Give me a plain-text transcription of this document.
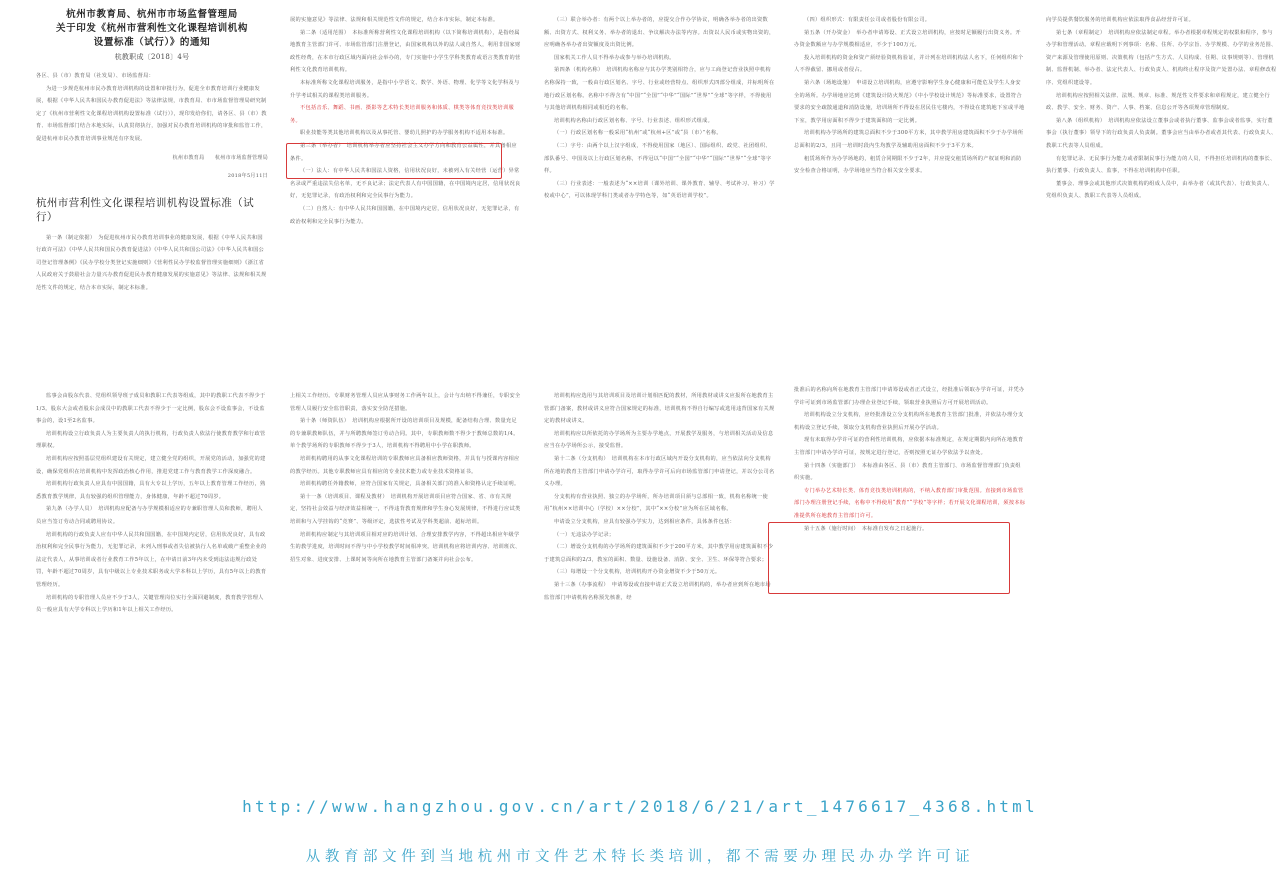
杭州市教育局、杭州市市场监督管理局
关于印发《杭州市营利性文化课程培训机构
设置标准（试行）》的通知
杭教职成〔2018〕4号

各区、县（市）教育局（社发局）、市场监督局：

为进一步规范杭州市民办教育培训机构的设置和审批行为，促进全市教育培训行业健康发展，根据《中华人民共和国民办教育促进法》等法律法规，市教育局、市市场监督管理局研究制定了《杭州市营利性文化课程培训机构设置标准（试行）》，现印发给你们，请各区、县（市）教育、市场监督部门结合本地实际，认真贯彻执行，加强对民办教育培训机构的审批和监管工作，促进杭州市民办教育培训事业规范有序发展。

杭州市教育局　　杭州市市场监督管理局
2018年5月11日
杭州市营利性文化课程培训机构设置标准（试行）

第一条（制定依据）　为促进杭州市民办教育培训事业的健康发展，根据《中华人民共和国行政许可法》《中华人民共和国民办教育促进法》《中华人民共和国公司法》《中华人民共和国公司登记管理条例》《民办学校分类登记实施细则》《营利性民办学校监督管理实施细则》《浙江省人民政府关于鼓励社会力量兴办教育促进民办教育健康发展的实施意见》等法律、法规和相关规范性文件的规定，结合本市实际，制定本标准。

展的实施意见》等法律、法规和相关规范性文件的规定，结合本市实际，制定本标准。

第二条（适用范围）　本标准所称营利性文化课程培训机构（以下简称培训机构），是指经属地教育主管部门许可、市场监管部门注册登记，由国家机构以外的法人或自然人，利用非国家财政性经费，在本市行政区域内面向社会举办的，专门实施中小学生学科类教育或语言类教育的营利性文化教育培训机构。

本标准所称文化课程培训服务，是指中小学语文、数学、外语、物理、化学等文化学科及与升学考试相关的课程类培训服务。

不包括音乐、舞蹈、书画、摄影等艺术特长类培训服务和体质、棋类等体育竞技类培训服务。

职业技能等类其他培训机构以及从事托管、婴幼儿照护的办学服务机构不适用本标准。

第三条（举办者）　培训机构举办者应坚持社会主义办学方向和教育公益属性，并具备相应条件。

（一）法人：有中华人民共和国法人资格，信用状况良好，未被列入有关经营（运营）异常名录或严重违法失信名单，无不良记录；法定代表人有中国国籍，在中国境内定居，信用状况良好，无犯罪记录，有政治权利和完全民事行为能力。

（二）自然人：有中华人民共和国国籍，在中国境内定居，信用状况良好，无犯罪记录，有政治权利和完全民事行为能力。

（三）联合举办者：有两个以上举办者的，应提交合作办学协议，明确各举办者的出资数额、出资方式、权利义务、举办者的退出、争议解决办法等内容。出资以人民币或实物出资的，应明确各举办者出资额度及出资比例。

国家机关工作人员不得举办或参与举办培训机构。

第四条（机构名称）　培训机构名称应与其办学类别相符合，应与工商登记营业执照中机构名称保持一致，一般由行政区划名、字号、行业或经营特点、组织形式四部分组成，并标明所在地行政区划名称。名称中不得含有“中国”“全国”“中华”“国际”“世界”“全球”等字样，不得使用与其他培训机构相同或相近的名称。

培训机构名称由行政区划名称、字号、行业表述、组织形式组成。

（一）行政区划名称一般采用“杭州”或“杭州+区”或“县（市）”名称。

（二）字号：由两个以上汉字组成，不得使用国家（地区）、国际组织、政党、社团组织、部队番号、中国及以上行政区划名称，不得冠以“中国”“全国”“中华”“国际”“世界”“全球”等字样。

（三）行业表述：一般表述为“××培训（课外培训、课外教育、辅导、考试补习、补习）学校或中心”，可以体现学科门类或者办学特色等，如“英语培训学校”。

（四）组织形式：有限责任公司或者股份有限公司。

第五条（开办资金）　举办者申请筹设、正式设立培训机构，应按时足额履行出资义务。开办资金数额应与办学规模相适应，不少于100万元。

投入培训机构的资金和资产须经验资机构验证，并计列在培训机构法人名下，任何组织和个人不得截留、挪用或者侵占。

第六条（场地设施）　申请设立培训机构，应遵守影响学生身心健康和可能危及学生人身安全的场所。办学场地应达到《建筑设计防火规范》《中小学校设计规范》等标准要求，设置符合要求的安全疏散通道和消防设施，培训场所不得设在居民住宅楼内，不得设在建筑地下室或半地下室，教学用房面积不得少于建筑面积的一定比例。

培训机构办学场所的建筑总面积不少于300平方米，其中教学用房建筑面积不少于办学场所总面积的2/3，且同一培训时段内生均教学及辅助用房面积不少于3平方米。

租赁场所作为办学场地的，租赁合同期限不少于2年，并应提交租赁场所的产权证明和消防安全检查合格证明，办学场地应当符合相关安全要求。

向学员提供餐饮服务的培训机构应依法取得食品经营许可证。

第七条（章程制定）　培训机构应依法制定章程。举办者根据章程规定的权限和程序，参与办学和管理活动。章程应载明下列事项：名称、住所、办学宗旨、办学规模、办学的业务范围、资产来源及管理使用原则、决策机构（包括产生方式、人员构成、任期、议事规则等）、管理机制、监督机制、举办者、法定代表人、行政负责人、机构终止程序及资产处置办法、章程修改程序、党组织建设等。

培训机构应按照相关法律、法规、规章、标准、规范性文件要求和章程规定，建立健全行政、教学、安全、财务、资产、人事、档案、信息公开等各项规章管理制度。

第八条（组织机构）　培训机构应依法设立董事会或者执行董事、监事会或者监事，实行董事会（执行董事）领导下的行政负责人负责制。董事会应当由举办者或者其代表、行政负责人、教职工代表等人员组成。

有犯罪记录、无民事行为能力或者限制民事行为能力的人员，不得担任培训机构的董事长、执行董事、行政负责人、监事，不得在培训机构中任职。

董事会、理事会或其他形式决策机构的组成人员中，由举办者（或其代表）、行政负责人、党组织负责人、教职工代表等人员组成。

监事会由股东代表、党组织领导班子成员和教职工代表等组成，其中的教职工代表不得少于1/3。股东大会或者股东会成员中的教职工代表不得少于一定比例，股东会不设监事会，不设监事会的，设1至2名监事。

培训机构设立行政负责人为主要负责人的执行机构，行政负责人依法行使教育教学和行政管理职权。

培训机构应按照基层党组织建设有关规定，建立健全党的组织，开展党的活动，加强党的建设，确保党组织在培训机构中发挥政治核心作用，推进党建工作与教育教学工作深度融合。

培训机构行政负责人应具有中国国籍，具有大专以上学历，五年以上教育管理工作经历，熟悉教育教学规律，具有较强的组织管理能力，身体健康，年龄不超过70周岁。

第九条（办学人员）　培训机构应配备与办学规模相适应的专兼职管理人员和教师，聘用人员应当签订劳动合同或聘用协议。

培训机构的行政负责人应有中华人民共和国国籍，在中国境内定居，信用状况良好，具有政治权利和完全民事行为能力，无犯罪记录，未列入刑事或者失信被执行人名单或破产重整企业的法定代表人，从事培训或者行业教育工作5年以上，在申请日前3年内未受到违法违规行政处罚，年龄不超过70周岁，具有中级以上专业技术职务或大学本科以上学历，具有5年以上的教育管理经历。

培训机构的专职管理人员应不少于3人，关键管理岗位实行全面回避制度，教育教学管理人员一般应具有大学专科以上学历和1年以上相关工作经历。

上相关工作经历。专职财务管理人员应从事财务工作两年以上，会计与出纳不得兼任，专职安全管理人员履行安全监管职责，落实安全防范措施。

第十条（师资队伍）　培训机构应根据所开设的培训项目及规模，配备结构合理、数量充足的专兼职教师队伍，并与所聘教师签订劳动合同。其中，专职教师数不得少于教师总数的1/4。单个教学场所的专职教师不得少于3人，培训机构不得聘用中小学在职教师。

培训机构聘用的从事文化课程培训的专职教师应具备相应教师资格，并具有与授课内容相应的教学经历。其他专职教师应具有相应的专业技术能力或专业技术资格证书。

培训机构聘任外籍教师，应符合国家有关规定，具备相关部门的准入和资格认定手续证明。

第十一条（培训项目、课程及教材）　培训机构开展培训项目应符合国家、省、市有关规定，坚持社会效益与经济效益相统一，不得违背教育规律和学生身心发展规律，不得进行应试类培训和与入学挂钩的“竞赛”、等级评定，选拔性考试及学科类超前、超标培训。

培训机构应制定与其培训项目相对应的培训计划、合理安排教学内容，不得超出相应年级学生的教学进度，培训时间不得与中小学校教学时间相冲突。培训机构应将培训内容、培训班次、招生对象、进度安排、上课时间等向所在地教育主管部门备案并向社会公布。

培训机构应选用与其培训项目及培训计划相匹配的教材，所用教材或讲义应报所在地教育主管部门备案，教材或讲义应符合国家规定的标准，培训机构不得自行编写或选用违背国家有关规定的教材或讲义。

培训机构应以所依托的办学场所为主要办学地点，开展教学及服务，与培训相关活动及信息应当在办学场所公示，接受监督。

第十二条（分支机构）　培训机构在本市行政区域内开设分支机构的，应当依法向分支机构所在地的教育主管部门申请办学许可，取得办学许可后向市场监管部门申请登记，并以分公司名义办理。

分支机构有营业执照、独立的办学场所，所办培训项目须与总部相一致，机构名称统一使用“杭州××培训中心（学校）××分校”，其中“××分校”应为所在区域名称。

申请设立分支机构，应具有较强办学实力，达到相应条件，具体条件包括：

（一）无违法办学记录；

（二）增设分支机构的办学场所的建筑面积不少于200平方米，其中教学用房建筑面积不少于建筑总面积的2/3，教室的面积、数量、设施设备、消防、安全、卫生、环保等符合要求；

（三）每增设一个分支机构，培训机构开办资金增资不少于50万元。

第十三条（办事流程）　申请筹设或直接申请正式设立培训机构的，举办者应到所在地市场监管部门申请机构名称预先核准，经

批准后的名称向所在地教育主管部门申请筹设或者正式设立，经批准后领取办学许可证，并凭办学许可证到市场监管部门办理企业登记手续，领取营业执照后方可开展培训活动。

培训机构设立分支机构，应经批准设立分支机构所在地教育主管部门批准，并依法办理分支机构设立登记手续，领取分支机构营业执照后开展办学活动。

现有未取得办学许可证的营利性培训机构，应依据本标准规定，在规定期限内向所在地教育主管部门申请办学许可证，按规定进行登记，否则按照无证办学依法予以查处。

第十四条（实施部门）　本标准由各区、县（市）教育主管部门、市场监督管理部门负责组织实施。

专门举办艺术特长类、体育竞技类培训机构的，不纳入教育部门审批范围。直接到市场监管部门办理注册登记手续，名称中不得使用“教育”“学校”等字样；若开展文化课程培训，须按本标准提供所在地教育主管部门许可。

第十五条（施行时间）　本标准自发布之日起施行。

http://www.hangzhou.gov.cn/art/2018/6/21/art_1476617_4368.html
从教育部文件到当地杭州市文件艺术特长类培训，都不需要办理民办办学许可证
